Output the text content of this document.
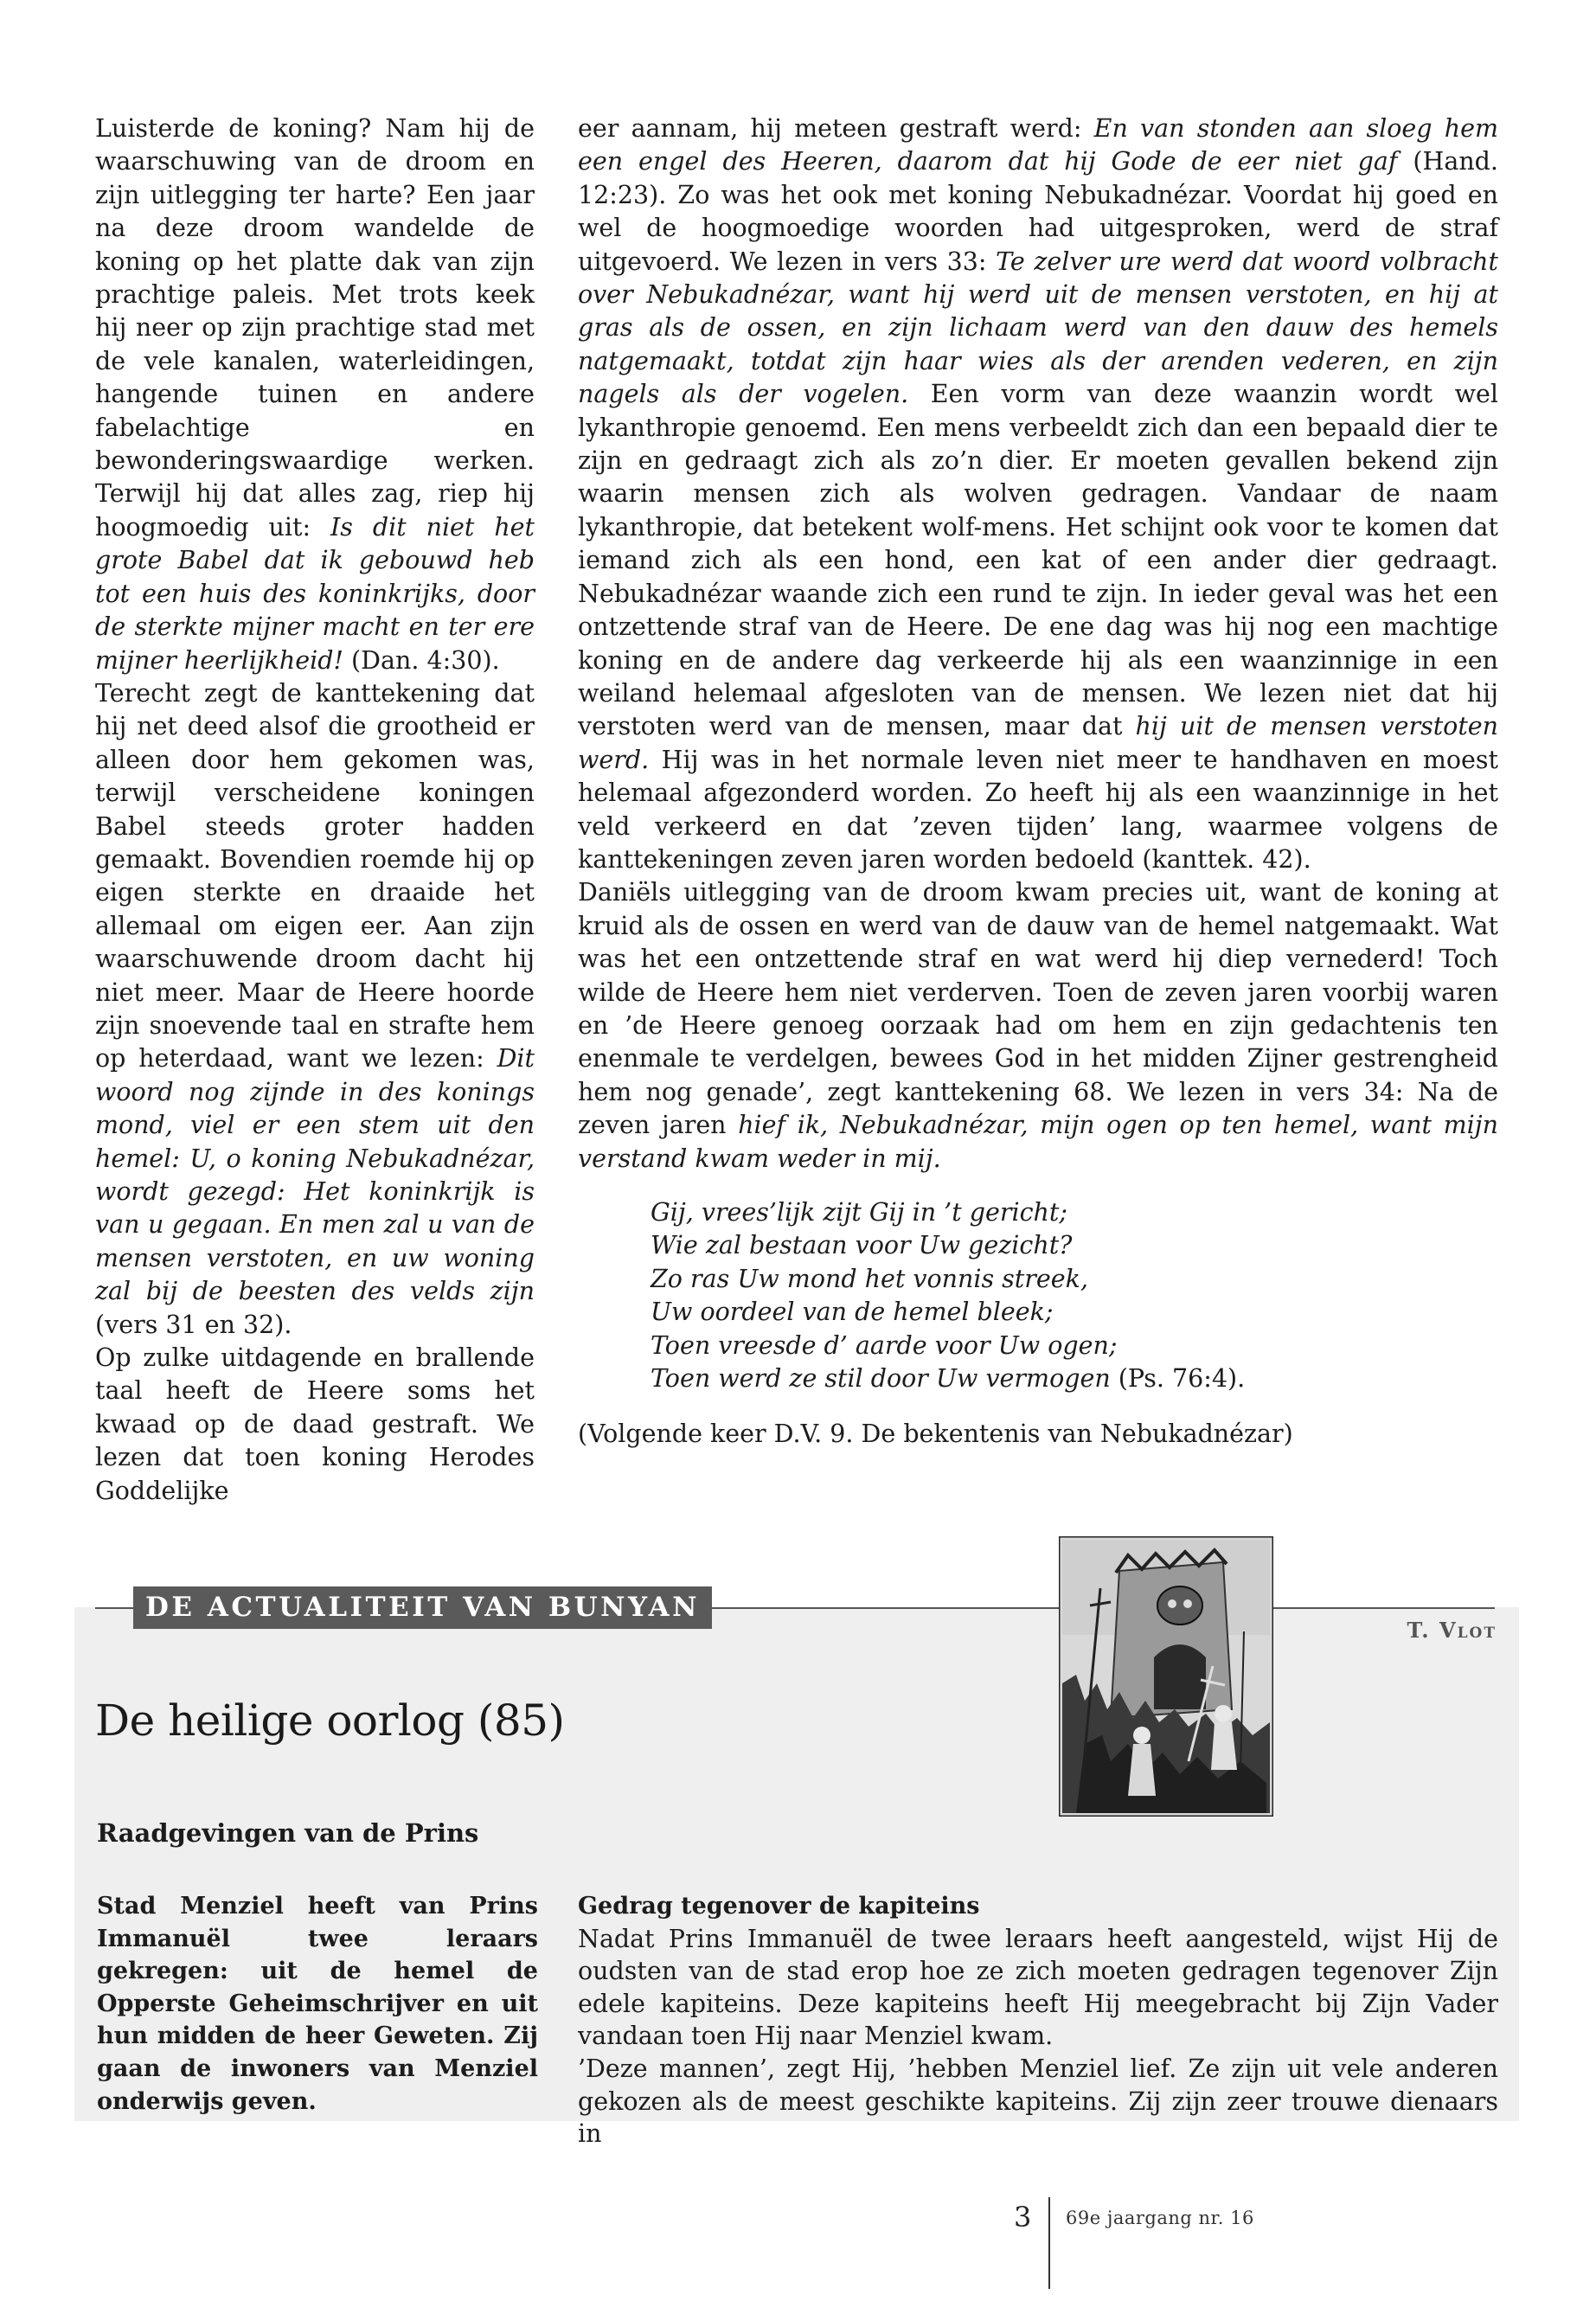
Luisterde de koning? Nam hij de waarschuwing van de droom en zijn uitlegging ter harte? Een jaar na deze droom wandelde de koning op het platte dak van zijn prachtige paleis. Met trots keek hij neer op zijn prachtige stad met de vele kanalen, waterleidingen, hangende tuinen en andere fabelachtige en bewonderingswaardige werken. Terwijl hij dat alles zag, riep hij hoogmoedig uit: Is dit niet het grote Babel dat ik gebouwd heb tot een huis des koninkrijks, door de sterkte mijner macht en ter ere mijner heerlijkheid! (Dan. 4:30).

Terecht zegt de kanttekening dat hij net deed alsof die grootheid er alleen door hem gekomen was, terwijl verscheidene koningen Babel steeds groter hadden gemaakt. Bovendien roemde hij op eigen sterkte en draaide het allemaal om eigen eer. Aan zijn waarschuwende droom dacht hij niet meer. Maar de Heere hoorde zijn snoevende taal en strafte hem op heterdaad, want we lezen: Dit woord nog zijnde in des konings mond, viel er een stem uit den hemel: U, o koning Nebukadnézar, wordt gezegd: Het koninkrijk is van u gegaan. En men zal u van de mensen verstoten, en uw woning zal bij de beesten des velds zijn (vers 31 en 32).

Op zulke uitdagende en brallende taal heeft de Heere soms het kwaad op de daad gestraft. We lezen dat toen koning Herodes Goddelijke

eer aannam, hij meteen gestraft werd: En van stonden aan sloeg hem een engel des Heeren, daarom dat hij Gode de eer niet gaf (Hand. 12:23). Zo was het ook met koning Nebukadnézar. Voordat hij goed en wel de hoogmoedige woorden had uitgesproken, werd de straf uitgevoerd. We lezen in vers 33: Te zelver ure werd dat woord volbracht over Nebukadnézar, want hij werd uit de mensen verstoten, en hij at gras als de ossen, en zijn lichaam werd van den dauw des hemels natgemaakt, totdat zijn haar wies als der arenden vederen, en zijn nagels als der vogelen. Een vorm van deze waanzin wordt wel lykanthropie genoemd. Een mens verbeeldt zich dan een bepaald dier te zijn en gedraagt zich als zo’n dier. Er moeten gevallen bekend zijn waarin mensen zich als wolven gedragen. Vandaar de naam lykanthropie, dat betekent wolf-mens. Het schijnt ook voor te komen dat iemand zich als een hond, een kat of een ander dier gedraagt. Nebukadnézar waande zich een rund te zijn. In ieder geval was het een ontzettende straf van de Heere. De ene dag was hij nog een machtige koning en de andere dag verkeerde hij als een waanzinnige in een weiland helemaal afgesloten van de mensen. We lezen niet dat hij verstoten werd van de mensen, maar dat hij uit de mensen verstoten werd. Hij was in het normale leven niet meer te handhaven en moest helemaal afgezonderd worden. Zo heeft hij als een waanzinnige in het veld verkeerd en dat ’zeven tijden’ lang, waarmee volgens de kanttekeningen zeven jaren worden bedoeld (kanttek. 42).

Daniëls uitlegging van de droom kwam precies uit, want de koning at kruid als de ossen en werd van de dauw van de hemel natgemaakt. Wat was het een ontzettende straf en wat werd hij diep vernederd! Toch wilde de Heere hem niet verderven. Toen de zeven jaren voorbij waren en ’de Heere genoeg oorzaak had om hem en zijn gedachtenis ten enenmale te verdelgen, bewees God in het midden Zijner gestrengheid hem nog genade’, zegt kanttekening 68. We lezen in vers 34: Na de zeven jaren hief ik, Nebukadnézar, mijn ogen op ten hemel, want mijn verstand kwam weder in mij.

Gij, vrees’lijk zijt Gij in ’t gericht;
Wie zal bestaan voor Uw gezicht?
Zo ras Uw mond het vonnis streek,
Uw oordeel van de hemel bleek;
Toen vreesde d’ aarde voor Uw ogen;
Toen werd ze stil door Uw vermogen (Ps. 76:4).

(Volgende keer D.V. 9. De bekentenis van Nebukadnézar)

DE ACTUALITEIT VAN BUNYAN
T. Vlot
De heilige oorlog (85)
Raadgevingen van de Prins

Stad Menziel heeft van Prins Immanuël twee leraars gekregen: uit de hemel de Opperste Geheimschrijver en uit hun midden de heer Geweten. Zij gaan de inwoners van Menziel onderwijs geven.

Gedrag tegenover de kapiteins

Nadat Prins Immanuël de twee leraars heeft aangesteld, wijst Hij de oudsten van de stad erop hoe ze zich moeten gedragen tegenover Zijn edele kapiteins. Deze kapiteins heeft Hij meegebracht bij Zijn Vader vandaan toen Hij naar Menziel kwam.

’Deze mannen’, zegt Hij, ’hebben Menziel lief. Ze zijn uit vele anderen gekozen als de meest geschikte kapiteins. Zij zijn zeer trouwe dienaars in

3 69e jaargang nr. 16
